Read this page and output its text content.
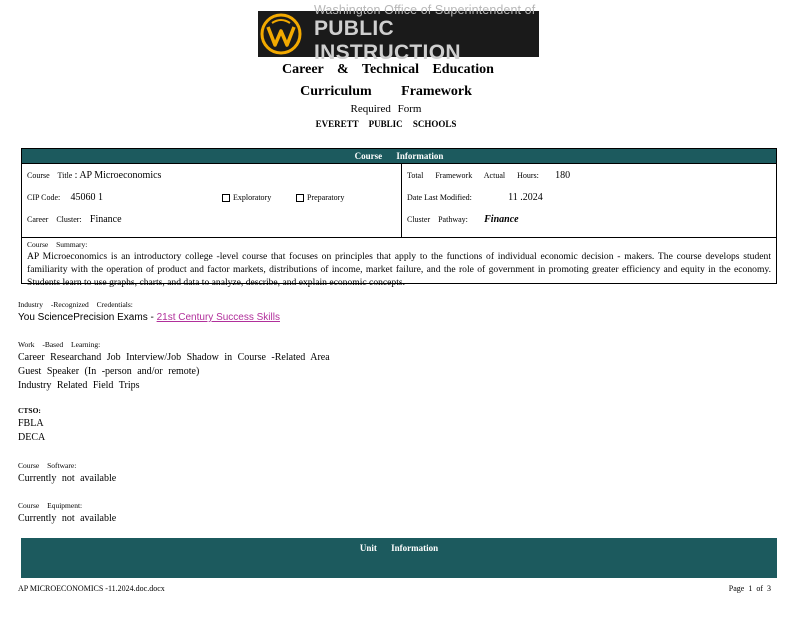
Washington Office of Superintendent of
PUBLIC INSTRUCTION
Career & Technical Education
Curriculum Framework
Required Form
EVERETT PUBLIC SCHOOLS
Course Information
Course Title : AP Microeconomics
CIP Code: 45060 1	Exploratory	Preparatory
Career Cluster: Finance
Total Framework Actual Hours: 180
Date Last Modified:	11 .2024
Cluster Pathway: Finance
Course Summary:
AP Microeconomics is an introductory college -level course that focuses on principles that apply to the functions of individual economic decision - makers. The course develops student familiarity with the operation of product and factor markets, distributions of income, market failure, and the role of government in promoting greater efficiency and equity in the economy. Students learn to use graphs, charts, and data to analyze, describe, and explain economic concepts.
Industry -Recognized Credentials:
You SciencePrecision Exams - 21st Century Success Skills
Work -Based Learning:
Career Researchand Job Interview/Job Shadow in Course -Related Area
Guest Speaker (In -person and/or remote)
Industry Related Field Trips
CTSO:
FBLA
DECA
Course Software:
Currently not available
Course Equipment:
Currently not available
Unit Information
AP MICROECONOMICS -11.2024.doc.docx	Page 1 of 3
